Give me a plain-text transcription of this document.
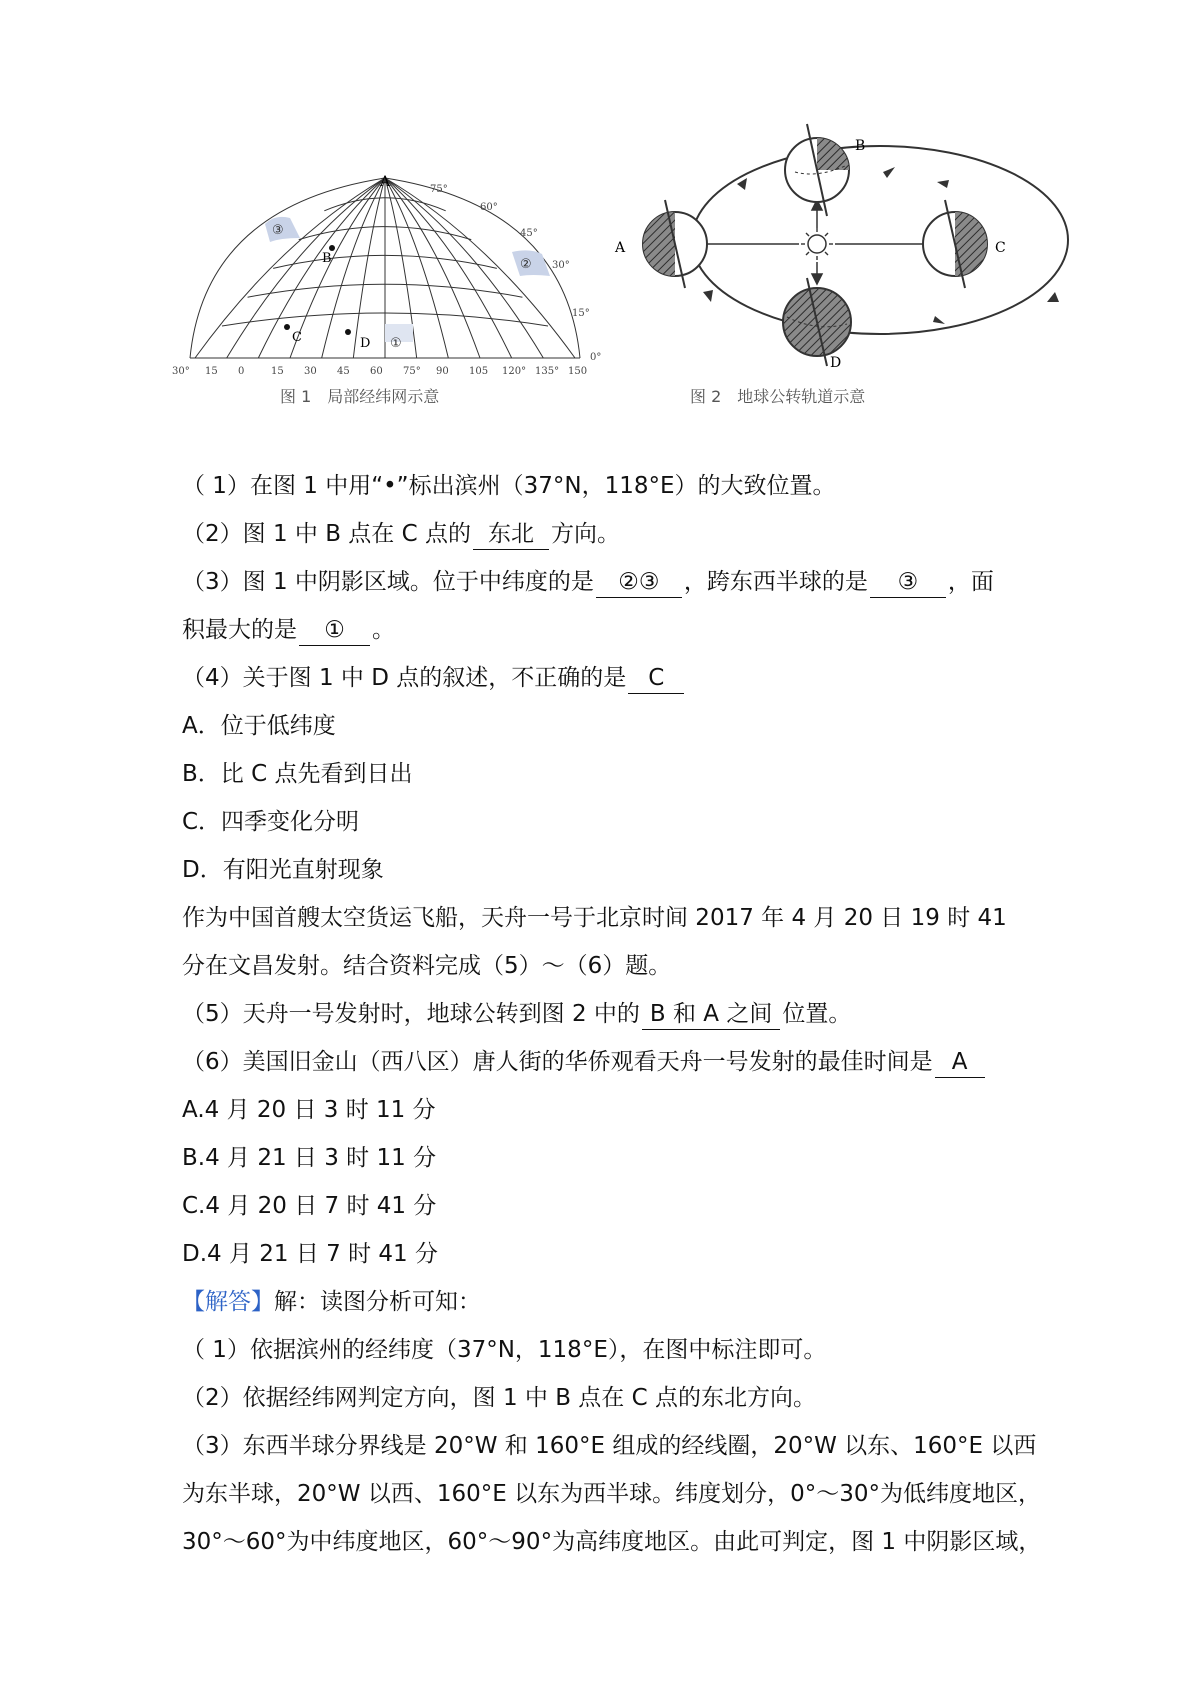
A	75°
60°
45°
30°
15°
0°
30° 15 0	15 30 45 60 75° 90 105 120° 135° 150
B
C	D
③
②
①
图 1　局部经纬网示意
A
B
C
D
图 2　地球公转轨道示意
（ 1）在图 1 中用“•”标出滨州（37°N，118°E）的大致位置。
（2）图 1 中 B 点在 C 点的 东北 方向。
（3）图 1 中阴影区域。位于中纬度的是 ②③ ，跨东西半球的是 ③ ，面
积最大的是 ① 。
（4）关于图 1 中 D 点的叙述，不正确的是 C
A．位于低纬度
B．比 C 点先看到日出
C．四季变化分明
D．有阳光直射现象
作为中国首艘太空货运飞船，天舟一号于北京时间 2017 年 4 月 20 日 19 时 41
分在文昌发射。结合资料完成（5）～（6）题。
（5）天舟一号发射时，地球公转到图 2 中的 B 和 A 之间 位置。
（6）美国旧金山（西八区）唐人街的华侨观看天舟一号发射的最佳时间是 A
A.4 月 20 日 3 时 11 分
B.4 月 21 日 3 时 11 分
C.4 月 20 日 7 时 41 分
D.4 月 21 日 7 时 41 分
【解答】解：读图分析可知：
（ 1）依据滨州的经纬度（37°N，118°E），在图中标注即可。
（2）依据经纬网判定方向，图 1 中 B 点在 C 点的东北方向。
（3）东西半球分界线是 20°W 和 160°E 组成的经线圈，20°W 以东、160°E 以西
为东半球，20°W 以西、160°E 以东为西半球。纬度划分，0°～30°为低纬度地区，
30°～60°为中纬度地区，60°～90°为高纬度地区。由此可判定，图 1 中阴影区域，
